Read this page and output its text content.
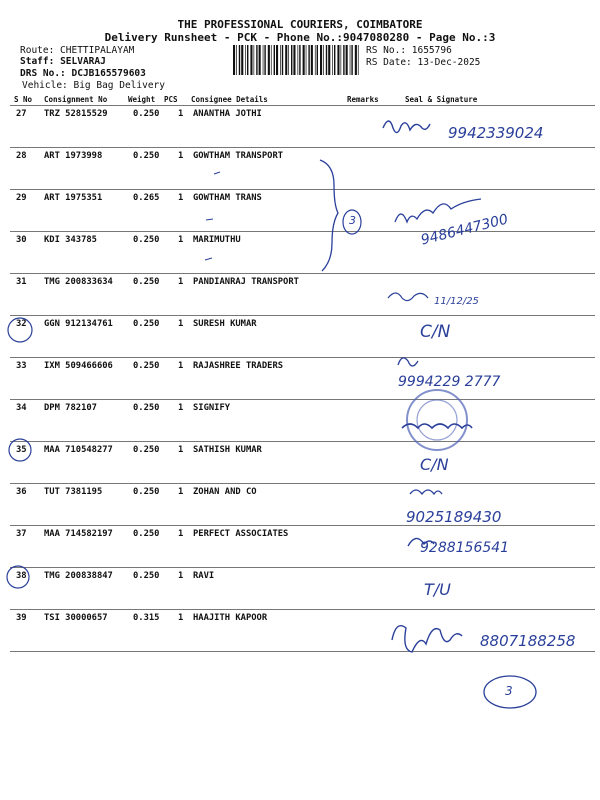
THE PROFESSIONAL COURIERS, COIMBATORE
Delivery Runsheet - PCK - Phone No.:9047080280 - Page No.:3
Route: CHETTIPALAYAM
Staff: SELVARAJ
DRS No.: DCJB165579603
Vehicle: Big Bag Delivery
RS No.: 1655796
RS Date: 13-Dec-2025
S No Consignment No	Weight PCS Consignee Details	Remarks	Seal & Signature
27 TRZ 52815529	0.250 1 ANANTHA JOTHI
28 ART 1973998	0.250 1 GOWTHAM TRANSPORT
29 ART 1975351	0.265 1 GOWTHAM TRANS
30 KDI 343785	0.250 1 MARIMUTHU
31 TMG 200833634 0.250 1 PANDIANRAJ TRANSPORT
32 GGN 912134761 0.250 1 SURESH KUMAR
33 IXM 509466606 0.250 1 RAJASHREE TRADERS
34 DPM 782107	0.250 1 SIGNIFY
35 MAA 710548277 0.250 1 SATHISH KUMAR
36 TUT 7381195	0.250 1 ZOHAN AND CO
37 MAA 714582197 0.250 1 PERFECT ASSOCIATES
38 TMG 200838847 0.250 1 RAVI
39 TSI 30000657	0.315 1 HAAJITH KAPOOR
9942339024
3	9486447300
11/12/25
C/N
9994229 2777
C/N
9025189430
9288156541
T/U
8807188258
3
